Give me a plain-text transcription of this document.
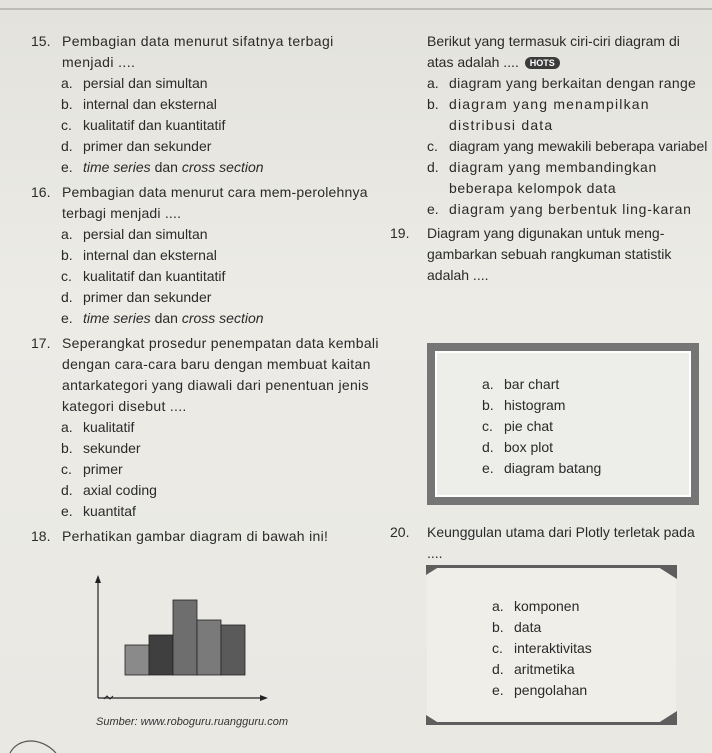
15. Pembagian data menurut sifatnya terbagi menjadi ....
a. persial dan simultan
b. internal dan eksternal
c. kualitatif dan kuantitatif
d. primer dan sekunder
e. time series dan cross section
16. Pembagian data menurut cara mem-perolehnya terbagi menjadi ....
a. persial dan simultan
b. internal dan eksternal
c. kualitatif dan kuantitatif
d. primer dan sekunder
e. time series dan cross section
17. Seperangkat prosedur penempatan data kembali dengan cara-cara baru dengan membuat kaitan antarkategori yang diawali dari penentuan jenis kategori disebut ....
a. kualitatif
b. sekunder
c. primer
d. axial coding
e. kuantitaf
18. Perhatikan gambar diagram di bawah ini!
Sumber: www.roboguru.ruangguru.com
Berikut yang termasuk ciri-ciri diagram di atas adalah .... HOTS
a. diagram yang berkaitan dengan range
b. diagram yang menampilkan distribusi data
c. diagram yang mewakili beberapa variabel
d. diagram yang membandingkan beberapa kelompok data
e. diagram yang berbentuk ling-karan
19.	Diagram yang digunakan untuk meng-gambarkan sebuah rangkuman statistik adalah ....
a. bar chart
b. histogram
c. pie chat
d. box plot
e. diagram batang
20.	Keunggulan utama dari Plotly terletak pada ....
a. komponen
b. data
c. interaktivitas
d. aritmetika
e. pengolahan
